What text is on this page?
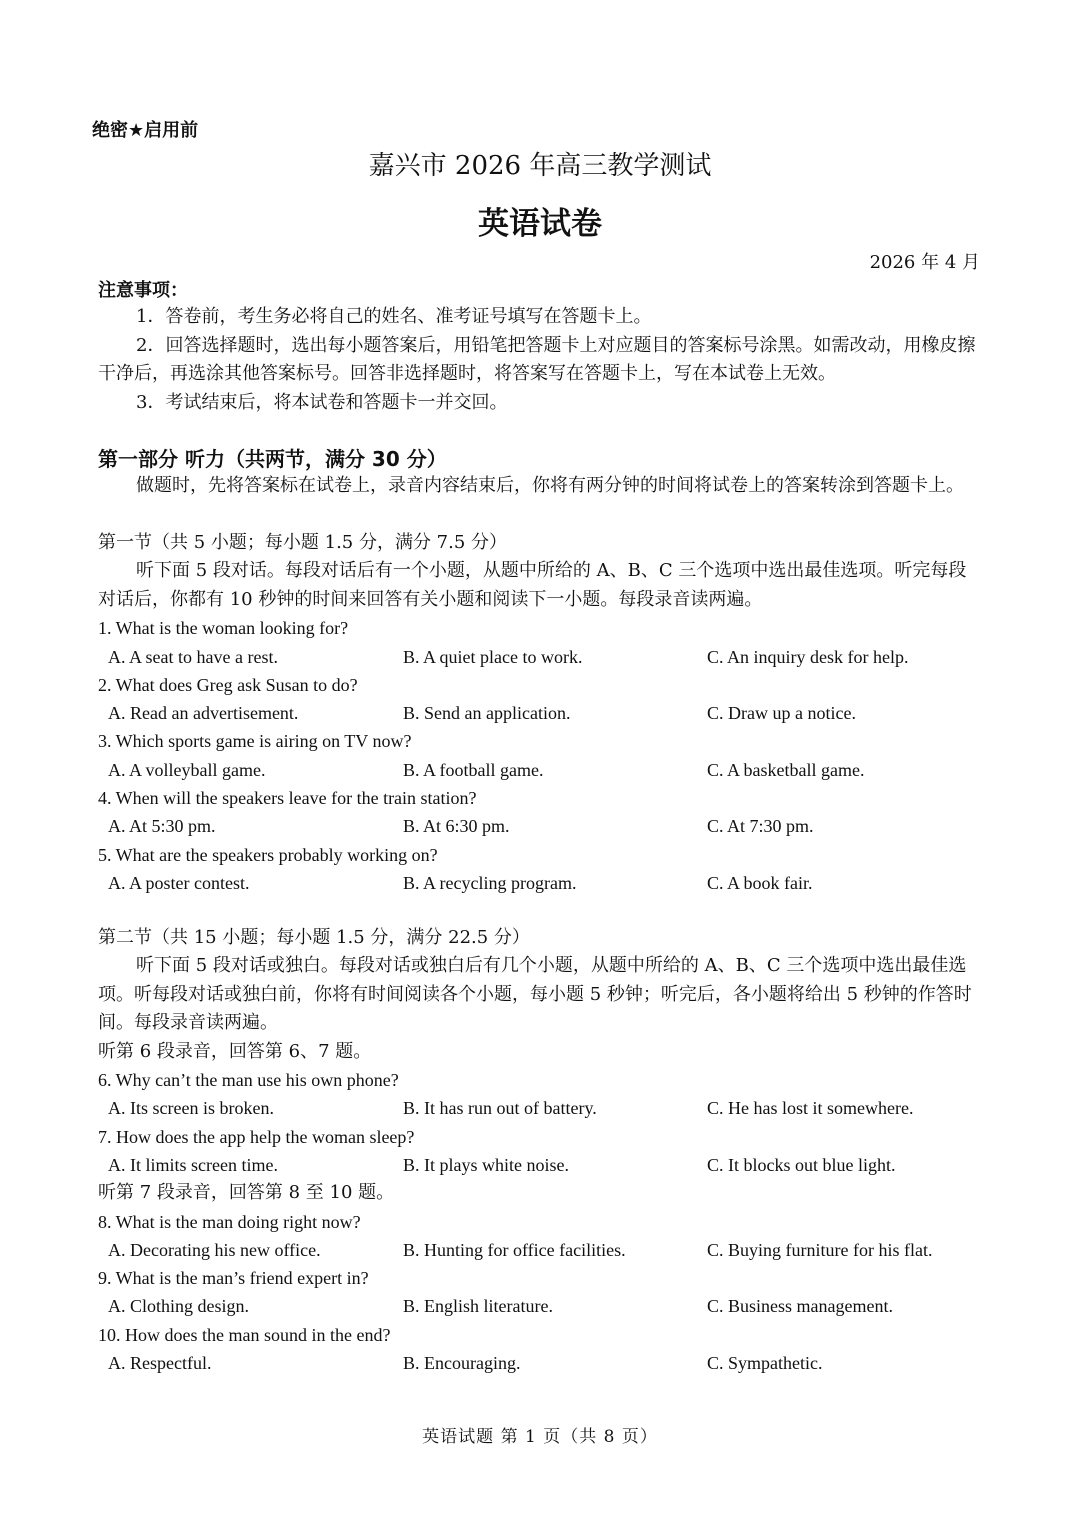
绝密★启用前
嘉兴市 2026 年高三教学测试
英语试卷
2026 年 4 月
注意事项：
1．答卷前，考生务必将自己的姓名、准考证号填写在答题卡上。
2．回答选择题时，选出每小题答案后，用铅笔把答题卡上对应题目的答案标号涂黑。如需改动，用橡皮擦干净后，再选涂其他答案标号。回答非选择题时，将答案写在答题卡上，写在本试卷上无效。
3．考试结束后，将本试卷和答题卡一并交回。
第一部分 听力（共两节，满分 30 分）
做题时，先将答案标在试卷上，录音内容结束后，你将有两分钟的时间将试卷上的答案转涂到答题卡上。
第一节（共 5 小题；每小题 1.5 分，满分 7.5 分）
听下面 5 段对话。每段对话后有一个小题，从题中所给的 A、B、C 三个选项中选出最佳选项。听完每段对话后，你都有 10 秒钟的时间来回答有关小题和阅读下一小题。每段录音读两遍。
1. What is the woman looking for?
A. A seat to have a rest.	B. A quiet place to work.	C. An inquiry desk for help.
2. What does Greg ask Susan to do?
A. Read an advertisement.	B. Send an application.	C. Draw up a notice.
3. Which sports game is airing on TV now?
A. A volleyball game.	B. A football game.	C. A basketball game.
4. When will the speakers leave for the train station?
A. At 5:30 pm.	B. At 6:30 pm.	C. At 7:30 pm.
5. What are the speakers probably working on?
A. A poster contest.	B. A recycling program.	C. A book fair.
第二节（共 15 小题；每小题 1.5 分，满分 22.5 分）
听下面 5 段对话或独白。每段对话或独白后有几个小题，从题中所给的 A、B、C 三个选项中选出最佳选项。听每段对话或独白前，你将有时间阅读各个小题，每小题 5 秒钟；听完后，各小题将给出 5 秒钟的作答时间。每段录音读两遍。
听第 6 段录音，回答第 6、7 题。
6. Why can’t the man use his own phone?
A. Its screen is broken.	B. It has run out of battery.	C. He has lost it somewhere.
7. How does the app help the woman sleep?
A. It limits screen time.	B. It plays white noise.	C. It blocks out blue light.
听第 7 段录音，回答第 8 至 10 题。
8. What is the man doing right now?
A. Decorating his new office.	B. Hunting for office facilities.	C. Buying furniture for his flat.
9. What is the man’s friend expert in?
A. Clothing design.	B. English literature.	C. Business management.
10. How does the man sound in the end?
A. Respectful.	B. Encouraging.	C. Sympathetic.
英语试题 第 1 页（共 8 页）
